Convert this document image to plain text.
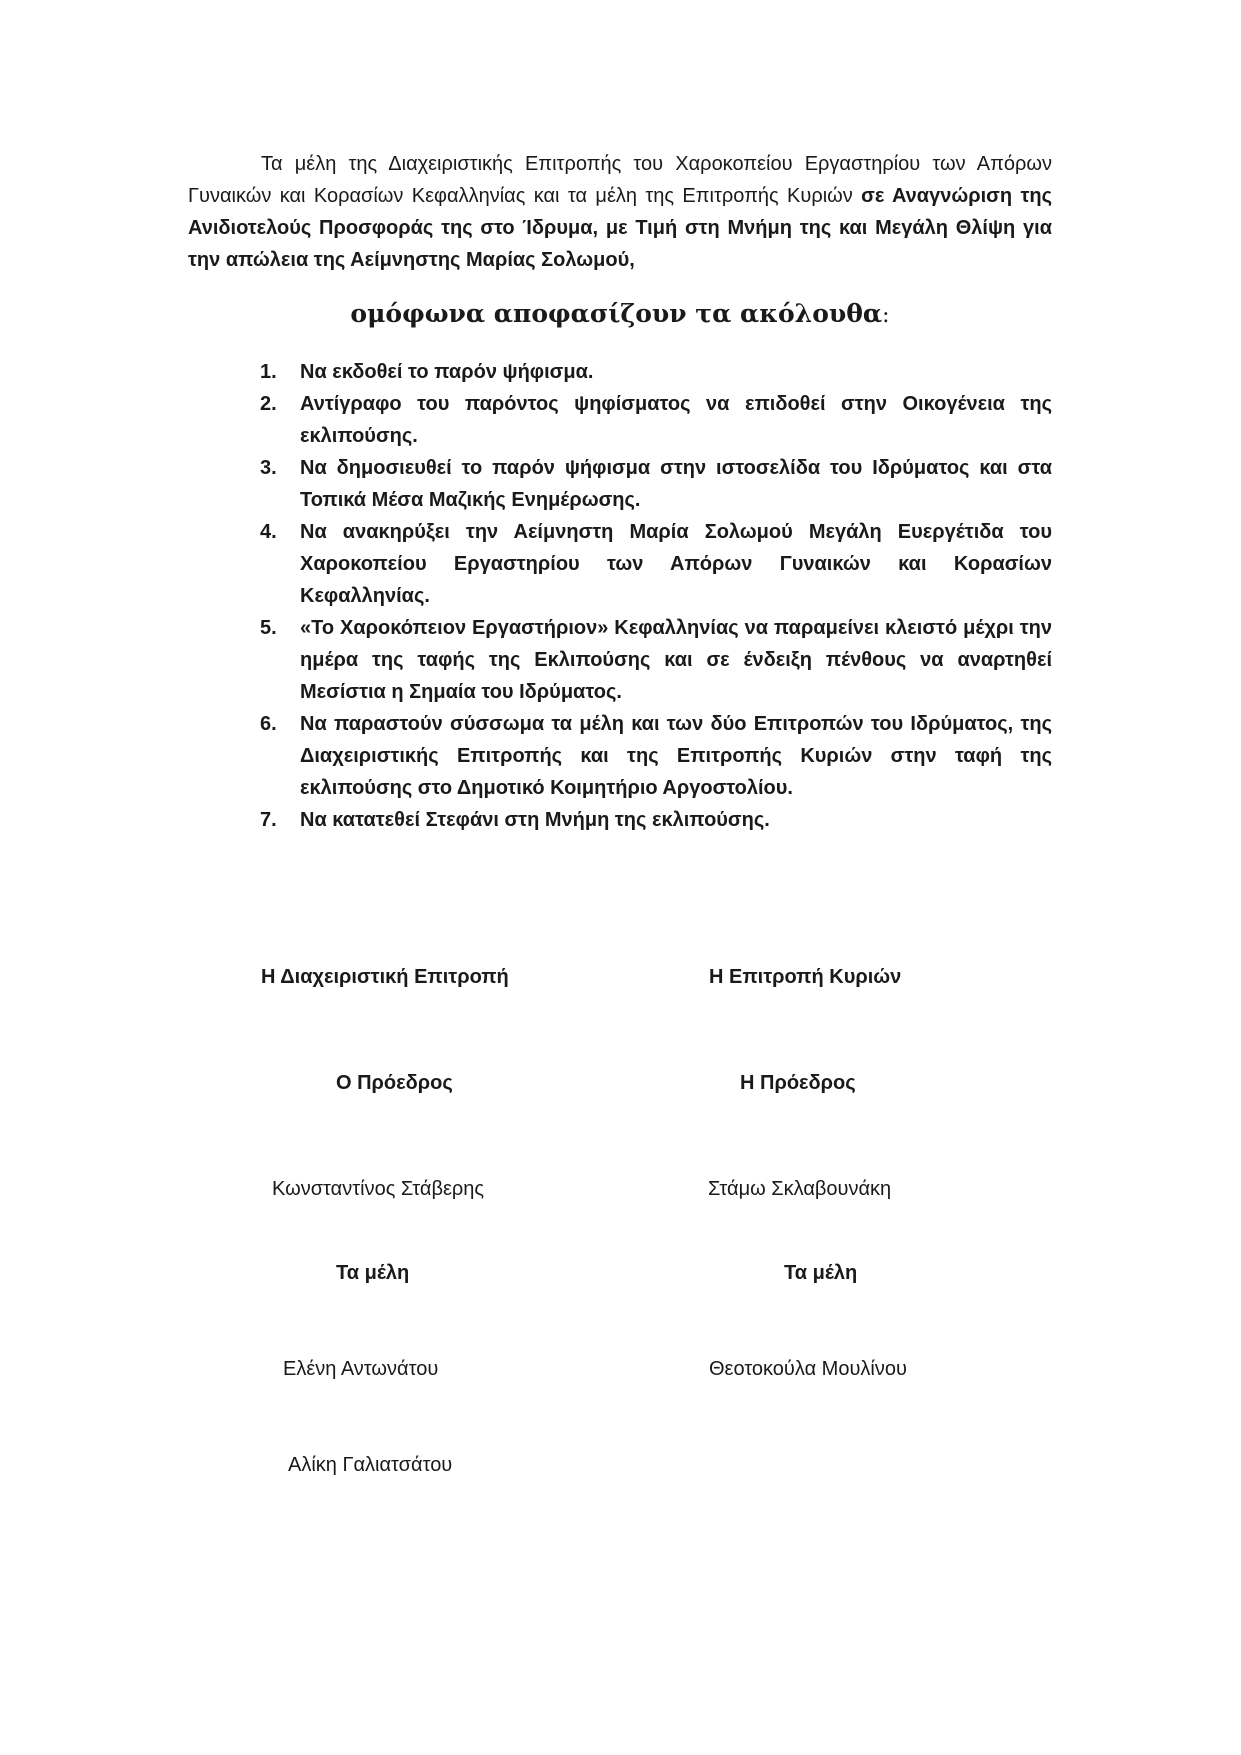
Τα μέλη της Διαχειριστικής Επιτροπής του Χαροκοπείου Εργαστηρίου των Απόρων Γυναικών και Κορασίων Κεφαλληνίας και τα μέλη της Επιτροπής Κυριών σε Αναγνώριση της Ανιδιοτελούς Προσφοράς της στο Ίδρυμα, με Τιμή στη Μνήμη της και Μεγάλη Θλίψη για την απώλεια της Αείμνηστης Μαρίας Σολωμού,

ομόφωνα αποφασίζουν τα ακόλουθα:
1.	Να εκδοθεί το παρόν ψήφισμα.
2.	Αντίγραφο του παρόντος ψηφίσματος να επιδοθεί στην Οικογένεια της εκλιπούσης.
3.	Να δημοσιευθεί το παρόν ψήφισμα στην ιστοσελίδα του Ιδρύματος και στα Τοπικά Μέσα Μαζικής Ενημέρωσης.
4.	Να ανακηρύξει την Αείμνηστη Μαρία Σολωμού Μεγάλη Ευεργέτιδα του Χαροκοπείου Εργαστηρίου των Απόρων Γυναικών και Κορασίων Κεφαλληνίας.
5.	«Το Χαροκόπειον Εργαστήριον» Κεφαλληνίας να παραμείνει κλειστό μέχρι την ημέρα της ταφής της Εκλιπούσης και σε ένδειξη πένθους να αναρτηθεί Μεσίστια η Σημαία του Ιδρύματος.
6.	Να παραστούν σύσσωμα τα μέλη και των δύο Επιτροπών του Ιδρύματος, της Διαχειριστικής Επιτροπής και της Επιτροπής Κυριών στην ταφή της εκλιπούσης στο Δημοτικό Κοιμητήριο Αργοστολίου.
7.	Να κατατεθεί Στεφάνι στη Μνήμη της εκλιπούσης.

Η Διαχειριστική Επιτροπή

Ο Πρόεδρος

Κωνσταντίνος Στάβερης

Τα μέλη

Ελένη Αντωνάτου

Αλίκη Γαλιατσάτου

Η Επιτροπή Κυριών

Η Πρόεδρος

Στάμω Σκλαβουνάκη

Τα μέλη

Θεοτοκούλα Μουλίνου
